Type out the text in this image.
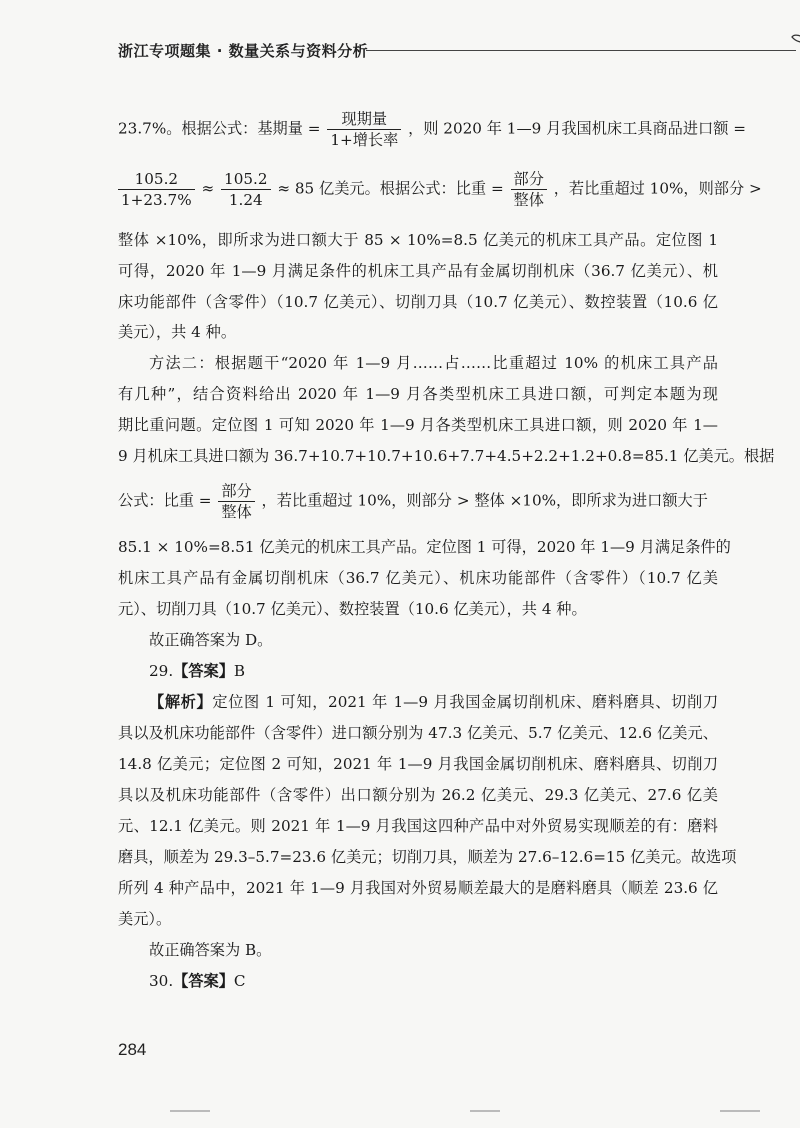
浙江专项题集 · 数量关系与资料分析
23.7%。根据公式：基期量 = $\frac{\text{现期量}}{\text{1+增长率}}$ ，则 2020 年 1—9 月我国机床工具商品进口额 =
$\frac{105.2}{1+23.7\%} \approx \frac{105.2}{1.24} \approx 85$ 亿美元。根据公式：比重 = $\frac{\text{部分}}{\text{整体}}$ ，若比重超过 10%，则部分 >
整体 ×10%，即所求为进口额大于 85 × 10%=8.5 亿美元的机床工具产品。定位图 1
可得，2020 年 1—9 月满足条件的机床工具产品有金属切削机床（36.7 亿美元）、机
床功能部件（含零件）（10.7 亿美元）、切削刀具（10.7 亿美元）、数控装置（10.6 亿
美元），共 4 种。
方法二：根据题干“2020 年 1—9 月……占……比重超过 10% 的机床工具产品
有几种”，结合资料给出 2020 年 1—9 月各类型机床工具进口额，可判定本题为现
期比重问题。定位图 1 可知 2020 年 1—9 月各类型机床工具进口额，则 2020 年 1—
9 月机床工具进口额为 36.7+10.7+10.7+10.6+7.7+4.5+2.2+1.2+0.8=85.1 亿美元。根据
公式：比重 = $\frac{\text{部分}}{\text{整体}}$ ，若比重超过 10%，则部分 > 整体 ×10%，即所求为进口额大于
85.1 × 10%=8.51 亿美元的机床工具产品。定位图 1 可得，2020 年 1—9 月满足条件的
机床工具产品有金属切削机床（36.7 亿美元）、机床功能部件（含零件）（10.7 亿美
元）、切削刀具（10.7 亿美元）、数控装置（10.6 亿美元），共 4 种。
故正确答案为 D。
29.【答案】B
【解析】定位图 1 可知，2021 年 1—9 月我国金属切削机床、磨料磨具、切削刀
具以及机床功能部件（含零件）进口额分别为 47.3 亿美元、5.7 亿美元、12.6 亿美元、
14.8 亿美元；定位图 2 可知，2021 年 1—9 月我国金属切削机床、磨料磨具、切削刀
具以及机床功能部件（含零件）出口额分别为 26.2 亿美元、29.3 亿美元、27.6 亿美
元、12.1 亿美元。则 2021 年 1—9 月我国这四种产品中对外贸易实现顺差的有：磨料
磨具，顺差为 29.3–5.7=23.6 亿美元；切削刀具，顺差为 27.6–12.6=15 亿美元。故选项
所列 4 种产品中，2021 年 1—9 月我国对外贸易顺差最大的是磨料磨具（顺差 23.6 亿
美元）。
故正确答案为 B。
30.【答案】C
284
